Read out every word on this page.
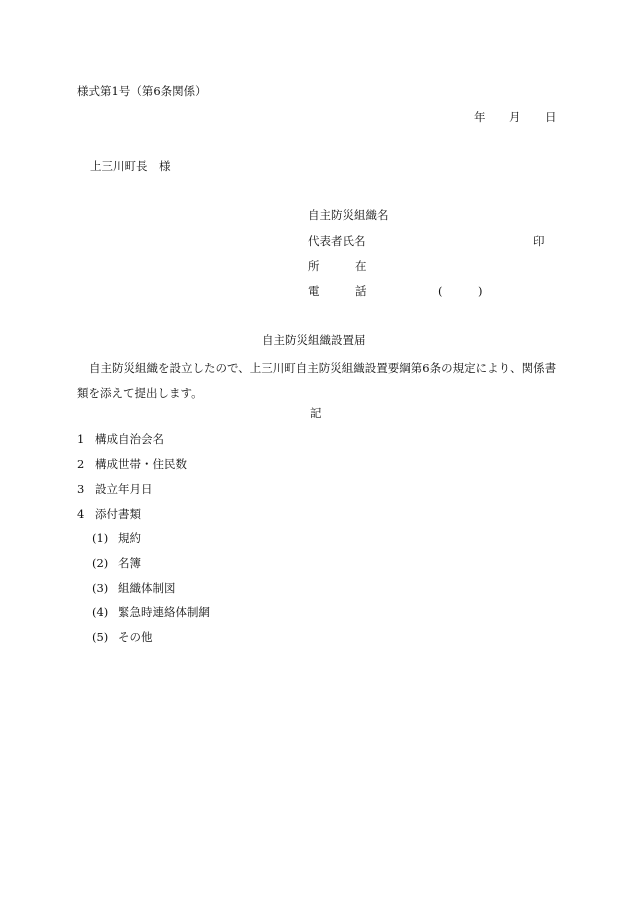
様式第1号（第6条関係）
年 月 日
上三川町長　様
自主防災組織名
代表者氏名	印
所	在
電	話	(	)
自主防災組織設置届
自主防災組織を設立したので、上三川町自主防災組織設置要綱第6条の規定により、関係書類を添えて提出します。
記
1 構成自治会名
2 構成世帯・住民数
3 設立年月日
4 添付書類
(1) 規約
(2) 名簿
(3) 組織体制図
(4) 緊急時連絡体制網
(5) その他
